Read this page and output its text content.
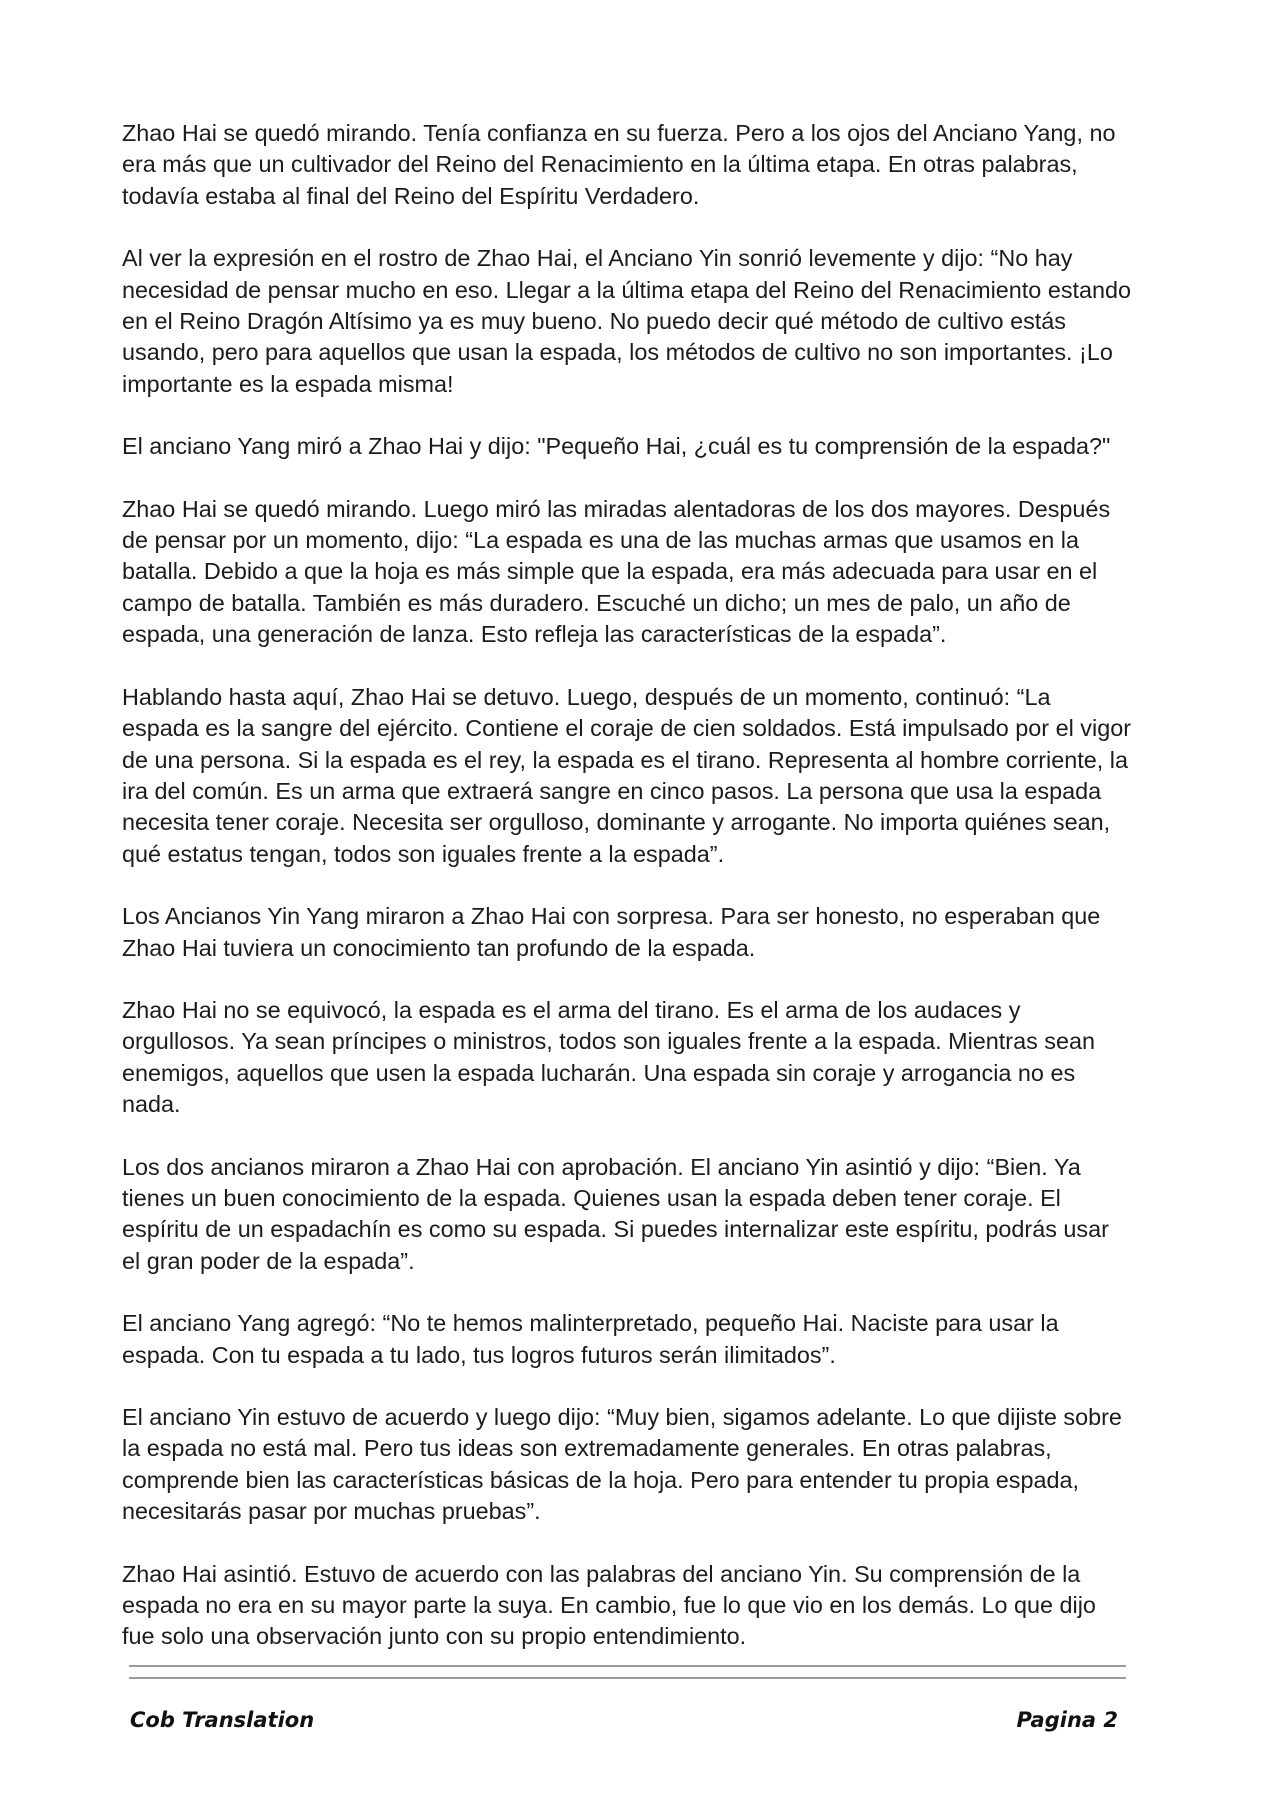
Zhao Hai se quedó mirando. Tenía confianza en su fuerza. Pero a los ojos del Anciano Yang, no era más que un cultivador del Reino del Renacimiento en la última etapa. En otras palabras, todavía estaba al final del Reino del Espíritu Verdadero.

Al ver la expresión en el rostro de Zhao Hai, el Anciano Yin sonrió levemente y dijo: “No hay necesidad de pensar mucho en eso. Llegar a la última etapa del Reino del Renacimiento estando en el Reino Dragón Altísimo ya es muy bueno. No puedo decir qué método de cultivo estás usando, pero para aquellos que usan la espada, los métodos de cultivo no son importantes. ¡Lo importante es la espada misma!

El anciano Yang miró a Zhao Hai y dijo: "Pequeño Hai, ¿cuál es tu comprensión de la espada?"

Zhao Hai se quedó mirando. Luego miró las miradas alentadoras de los dos mayores. Después de pensar por un momento, dijo: “La espada es una de las muchas armas que usamos en la batalla. Debido a que la hoja es más simple que la espada, era más adecuada para usar en el campo de batalla. También es más duradero. Escuché un dicho; un mes de palo, un año de espada, una generación de lanza. Esto refleja las características de la espada”.

Hablando hasta aquí, Zhao Hai se detuvo. Luego, después de un momento, continuó: “La espada es la sangre del ejército. Contiene el coraje de cien soldados. Está impulsado por el vigor de una persona. Si la espada es el rey, la espada es el tirano. Representa al hombre corriente, la ira del común. Es un arma que extraerá sangre en cinco pasos. La persona que usa la espada necesita tener coraje. Necesita ser orgulloso, dominante y arrogante. No importa quiénes sean, qué estatus tengan, todos son iguales frente a la espada”.

Los Ancianos Yin Yang miraron a Zhao Hai con sorpresa. Para ser honesto, no esperaban que Zhao Hai tuviera un conocimiento tan profundo de la espada.

Zhao Hai no se equivocó, la espada es el arma del tirano. Es el arma de los audaces y orgullosos. Ya sean príncipes o ministros, todos son iguales frente a la espada. Mientras sean enemigos, aquellos que usen la espada lucharán. Una espada sin coraje y arrogancia no es nada.

Los dos ancianos miraron a Zhao Hai con aprobación. El anciano Yin asintió y dijo: “Bien. Ya tienes un buen conocimiento de la espada. Quienes usan la espada deben tener coraje. El espíritu de un espadachín es como su espada. Si puedes internalizar este espíritu, podrás usar el gran poder de la espada”.

El anciano Yang agregó: “No te hemos malinterpretado, pequeño Hai. Naciste para usar la espada. Con tu espada a tu lado, tus logros futuros serán ilimitados”.

El anciano Yin estuvo de acuerdo y luego dijo: “Muy bien, sigamos adelante. Lo que dijiste sobre la espada no está mal. Pero tus ideas son extremadamente generales. En otras palabras, comprende bien las características básicas de la hoja. Pero para entender tu propia espada, necesitarás pasar por muchas pruebas”.

Zhao Hai asintió. Estuvo de acuerdo con las palabras del anciano Yin. Su comprensión de la espada no era en su mayor parte la suya. En cambio, fue lo que vio en los demás. Lo que dijo fue solo una observación junto con su propio entendimiento.

Cob Translation	Pagina 2
